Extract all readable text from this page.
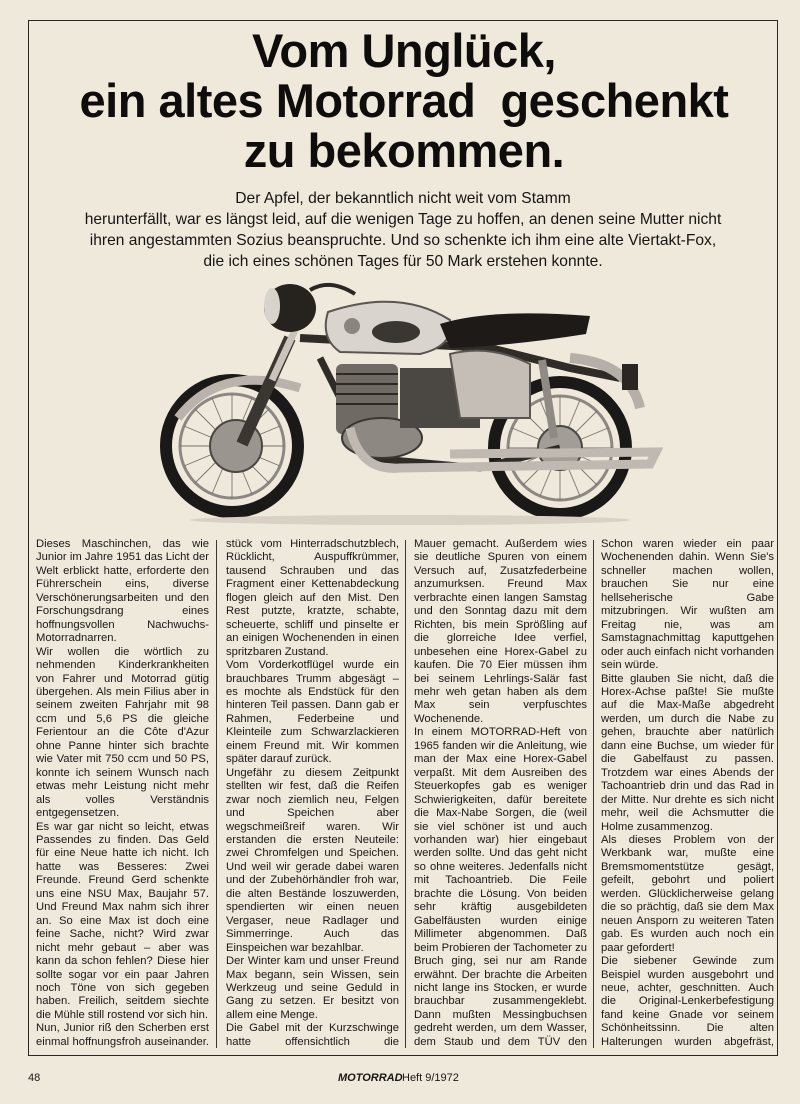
Vom Unglück,
ein altes Motorrad  geschenkt
zu bekommen.
Der Apfel, der bekanntlich nicht weit vom Stamm
herunterfällt, war es längst leid, auf die wenigen Tage zu hoffen, an denen seine Mutter nicht
ihren angestammten Sozius beanspruchte. Und so schenkte ich ihm eine alte Viertakt-Fox,
die ich eines schönen Tages für 50 Mark erstehen konnte.

Dieses Maschinchen, das wie Junior im Jahre 1951 das Licht der Welt erblickt hatte, erforderte den Führerschein eins, diverse Verschönerungsarbeiten und den Forschungsdrang eines hoffnungsvollen Nachwuchs-Motorradnarren.

Wir wollen die wörtlich zu nehmenden Kinderkrankheiten von Fahrer und Motorrad gütig übergehen. Als mein Filius aber in seinem zweiten Fahrjahr mit 98 ccm und 5,6 PS die gleiche Ferientour an die Côte d'Azur ohne Panne hinter sich brachte wie Vater mit 750 ccm und 50 PS, konnte ich seinem Wunsch nach etwas mehr Leistung nicht mehr als volles Verständnis entgegensetzen.

Es war gar nicht so leicht, etwas Passendes zu finden. Das Geld für eine Neue hatte ich nicht. Ich hatte was Besseres: Zwei Freunde. Freund Gerd schenkte uns eine NSU Max, Baujahr 57. Und Freund Max nahm sich ihrer an. So eine Max ist doch eine feine Sache, nicht? Wird zwar nicht mehr gebaut – aber was kann da schon fehlen? Diese hier sollte sogar vor ein paar Jahren noch Töne von sich gegeben haben. Freilich, seitdem siechte die Mühle still rostend vor sich hin.

Nun, Junior riß den Scherben erst einmal hoffnungsfroh auseinander.

stück vom Hinterradschutzblech, Rücklicht, Auspuffkrümmer, tausend Schrauben und das Fragment einer Kettenabdeckung flogen gleich auf den Mist. Den Rest putzte, kratzte, schabte, scheuerte, schliff und pinselte er an einigen Wochenenden in einen spritzbaren Zustand.

Vom Vorderkotflügel wurde ein brauchbares Trumm abgesägt – es mochte als Endstück für den hinteren Teil passen. Dann gab er Rahmen, Federbeine und Kleinteile zum Schwarzlackieren einem Freund mit. Wir kommen später darauf zurück.

Ungefähr zu diesem Zeitpunkt stellten wir fest, daß die Reifen zwar noch ziemlich neu, Felgen und Speichen aber wegschmeißreif waren. Wir erstanden die ersten Neuteile: zwei Chromfelgen und Speichen. Und weil wir gerade dabei waren und der Zubehörhändler froh war, die alten Bestände loszuwerden, spendierten wir einen neuen Vergaser, neue Radlager und Simmerringe. Auch das Einspeichen war bezahlbar.

Der Winter kam und unser Freund Max begann, sein Wissen, sein Werkzeug und seine Geduld in Gang zu setzen. Er besitzt von allem eine Menge.

Die Gabel mit der Kurzschwinge hatte offensichtlich die

Mauer gemacht. Außerdem wies sie deutliche Spuren von einem Versuch auf, Zusatzfederbeine anzumurksen. Freund Max verbrachte einen langen Samstag und den Sonntag dazu mit dem Richten, bis mein Sprößling auf die glorreiche Idee verfiel, unbesehen eine Horex-Gabel zu kaufen. Die 70 Eier müssen ihm bei seinem Lehrlings-Salär fast mehr weh getan haben als dem Max sein verpfuschtes Wochenende.

In einem MOTORRAD-Heft von 1965 fanden wir die Anleitung, wie man der Max eine Horex-Gabel verpaßt. Mit dem Ausreiben des Steuerkopfes gab es weniger Schwierigkeiten, dafür bereitete die Max-Nabe Sorgen, die (weil sie viel schöner ist und auch vorhanden war) hier eingebaut werden sollte. Und das geht nicht so ohne weiteres. Jedenfalls nicht mit Tachoantrieb. Die Feile brachte die Lösung. Von beiden sehr kräftig ausgebildeten Gabelfäusten wurden einige Millimeter abgenommen. Daß beim Probieren der Tachometer zu Bruch ging, sei nur am Rande erwähnt. Der brachte die Arbeiten nicht lange ins Stocken, er wurde brauchbar zusammengeklebt. Dann mußten Messingbuchsen gedreht werden, um dem Wasser, dem Staub und dem TÜV den

Schon waren wieder ein paar Wochenenden dahin. Wenn Sie's schneller machen wollen, brauchen Sie nur eine hellseherische Gabe mitzubringen. Wir wußten am Freitag nie, was am Samstagnachmittag kaputtgehen oder auch einfach nicht vorhanden sein würde.

Bitte glauben Sie nicht, daß die Horex-Achse paßte! Sie mußte auf die Max-Maße abgedreht werden, um durch die Nabe zu gehen, brauchte aber natürlich dann eine Buchse, um wieder für die Gabelfaust zu passen. Trotzdem war eines Abends der Tachoantrieb drin und das Rad in der Mitte. Nur drehte es sich nicht mehr, weil die Achsmutter die Holme zusammenzog.

Als dieses Problem von der Werkbank war, mußte eine Bremsmomentstütze gesägt, gefeilt, gebohrt und poliert werden. Glücklicherweise gelang die so prächtig, daß sie dem Max neuen Ansporn zu weiteren Taten gab. Es wurden auch noch ein paar gefordert!

Die siebener Gewinde zum Beispiel wurden ausgebohrt und neue, achter, geschnitten. Auch die Original-Lenkerbefestigung fand keine Gnade vor seinem Schönheitssinn. Die alten Halterungen wurden abgefräst,

48	MOTORRAD Heft 9/1972
